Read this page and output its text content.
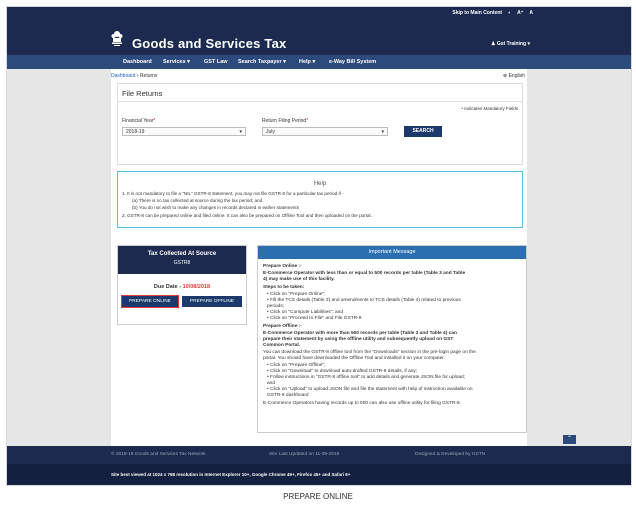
Skip to Main Content ◐ A⁺ A
Goods and Services Tax	♟ Gst Training ▾
Dashboard Services ▾	GST Law Search Taxpayer ▾ Help ▾	e-Way Bill System
Dashboard › Returns	⊕ English
File Returns
• Indicates Mandatory Fields
Financial Year*
2018-19	▾
Return Filing Period*
July	▾	SEARCH
Help
1. It is not mandatory to file a "NIL" GSTR-8 statement, you may not file GSTR-8 for a particular tax period if -
(a) There is no tax collected at source during the tax period; and
(b) You do not wish to make any changes in records declared in earlier statements
2. GSTR-8 can be prepared online and filed online. It can also be prepared on Offline Tool and then uploaded on the portal.
Tax Collected At Source
GSTR8
Due Date - 10/08/2018
PREPARE ONLINE	PREPARE OFFLINE
Important Message
Prepare Online :-
E-Commerce Operator with less than or equal to 500 records per table (Table 3 and Table
4) may make use of this facility.
Steps to be taken:
• Click on "Prepare Online";
• Fill the TCS details (Table 3) and amendments to TCS details (Table 4) related to previous
periods;
• Click on "Compute Liabilities"; and
• Click on "Proceed to File" and File GSTR-8
Prepare Offline :-
E-Commerce Operator with more than 500 records per table (Table 3 and Table 4) can
prepare their statement by using the offline utility and subsequently upload on GST
Common Portal.
You can download the GSTR-8 offline tool from the "Downloads" section in the pre-login page on the
portal. You should have downloaded the Offline Tool and installed it on your computer.
• Click on "Prepare Offline";
• Click on "Download" to download auto-drafted GSTR-8 details, if any;
• Follow instructions in "GSTR-8 offline tool" to add details and generate JSON file for upload;
and
• Click on "Upload" to upload JSON file and file the statement with help of instruction available on
GSTR-8 dashboard
E-Commerce Operators having records up to 500 can also use offline utility for filing GSTR-8.
⌃
© 2018-19 Goods and Services Tax Network	Site Last Updated on 11-09-2018	Designed & Developed by GSTN
Site best viewed at 1024 x 768 resolution in Internet Explorer 10+, Google Chrome 49+, Firefox 45+ and Safari 6+
PREPARE ONLINE
